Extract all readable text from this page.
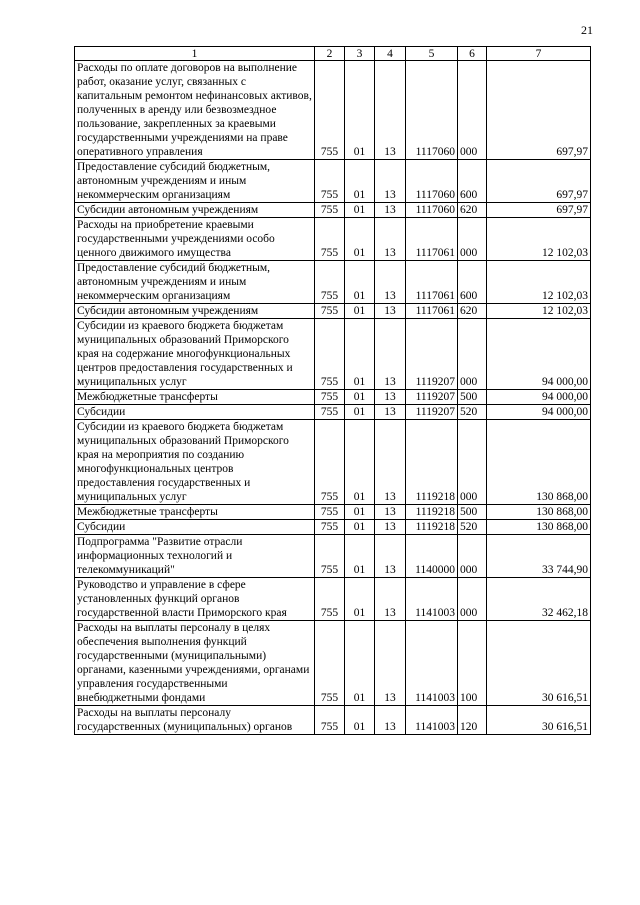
21
1	2	3	4	5	6	7
Расходы по оплате договоров на выполнение работ, оказание услуг, связанных с капитальным ремонтом нефинансовых активов, полученных в аренду или безвозмездное пользование, закрепленных за краевыми государственными учреждениями на праве оперативного управления	755	01	13	1117060	000	697,97
Предоставление субсидий бюджетным, автономным учреждениям и иным некоммерческим организациям	755	01	13	1117060	600	697,97
Субсидии автономным учреждениям	755	01	13	1117060	620	697,97
Расходы на приобретение краевыми государственными учреждениями особо ценного движимого имущества	755	01	13	1117061	000	12 102,03
Предоставление субсидий бюджетным, автономным учреждениям и иным некоммерческим организациям	755	01	13	1117061	600	12 102,03
Субсидии автономным учреждениям	755	01	13	1117061	620	12 102,03
Субсидии из краевого бюджета бюджетам муниципальных образований Приморского края на содержание многофункциональных центров предоставления государственных и муниципальных услуг	755	01	13	1119207	000	94 000,00
Межбюджетные трансферты	755	01	13	1119207	500	94 000,00
Субсидии	755	01	13	1119207	520	94 000,00
Субсидии из краевого бюджета бюджетам муниципальных образований Приморского края на мероприятия по созданию многофункциональных центров предоставления государственных и муниципальных услуг	755	01	13	1119218	000	130 868,00
Межбюджетные трансферты	755	01	13	1119218	500	130 868,00
Субсидии	755	01	13	1119218	520	130 868,00
Подпрограмма "Развитие отрасли информационных технологий и телекоммуникаций"	755	01	13	1140000	000	33 744,90
Руководство и управление в сфере установленных функций органов государственной власти Приморского края	755	01	13	1141003	000	32 462,18
Расходы на выплаты персоналу в целях обеспечения выполнения функций государственными (муниципальными) органами, казенными учреждениями, органами управления государственными внебюджетными фондами	755	01	13	1141003	100	30 616,51
Расходы на выплаты персоналу государственных (муниципальных) органов	755	01	13	1141003	120	30 616,51
